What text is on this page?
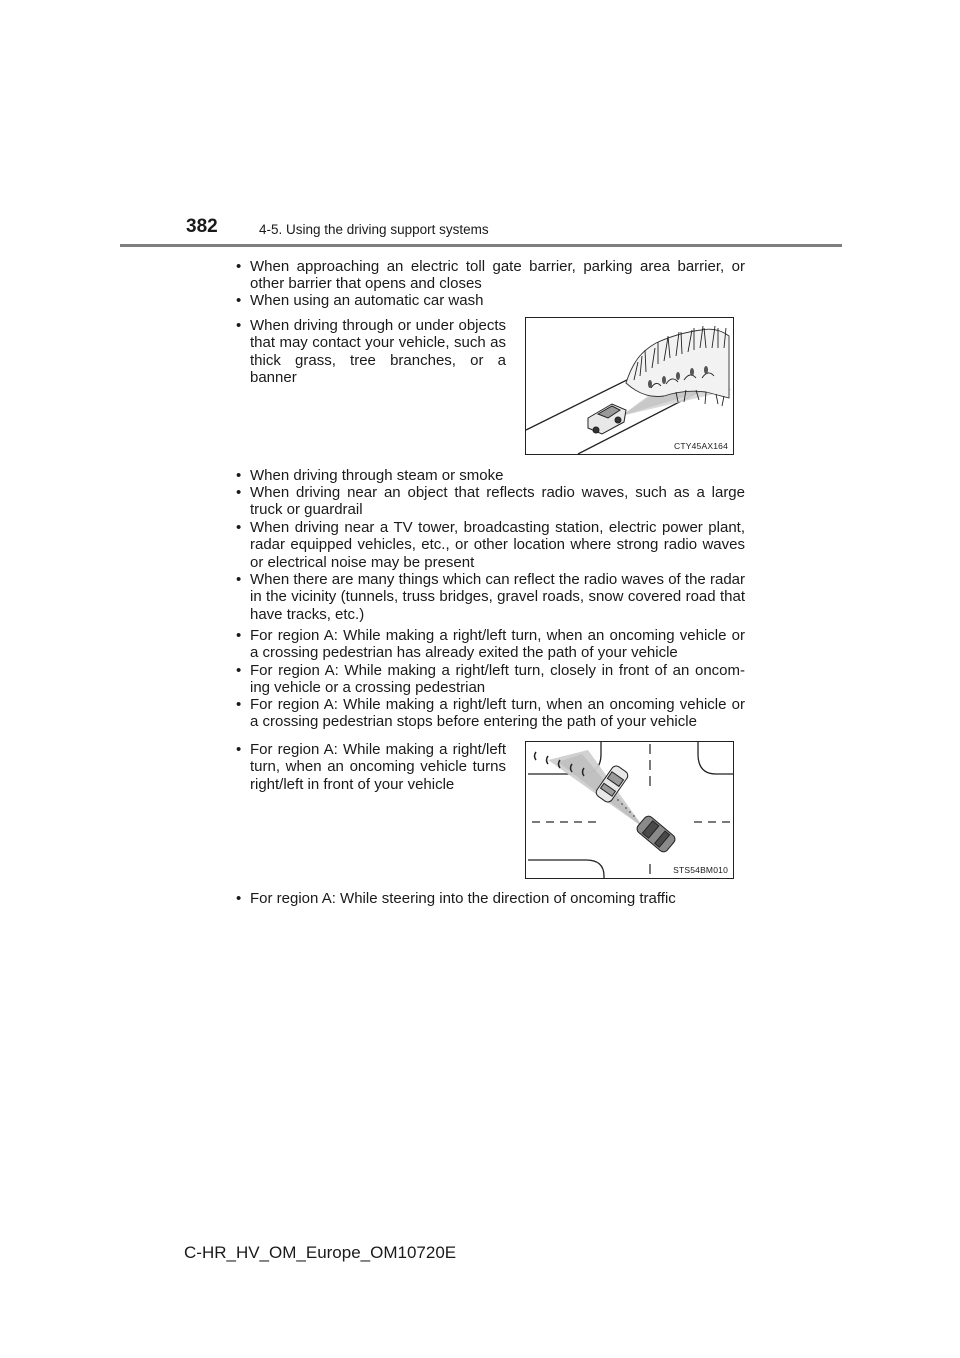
382	4-5. Using the driving support systems
• When approaching an electric toll gate barrier, parking area barrier, or other barrier that opens and closes
• When using an automatic car wash
• When driving through or under objects that may contact your vehicle, such as thick grass, tree branches, or a banner
CTY45AX164
• When driving through steam or smoke
• When driving near an object that reflects radio waves, such as a large truck or guardrail
• When driving near a TV tower, broadcasting station, electric power plant, radar equipped vehicles, etc., or other location where strong radio waves or electrical noise may be present
• When there are many things which can reflect the radio waves of the radar in the vicinity (tunnels, truss bridges, gravel roads, snow covered road that have tracks, etc.)
• For region A: While making a right/left turn, when an oncoming vehicle or a crossing pedestrian has already exited the path of your vehicle
• For region A: While making a right/left turn, closely in front of an oncom-ing vehicle or a crossing pedestrian
• For region A: While making a right/left turn, when an oncoming vehicle or a crossing pedestrian stops before entering the path of your vehicle
• For region A: While making a right/left turn, when an oncoming vehicle turns right/left in front of your vehicle
STS54BM010
• For region A: While steering into the direction of oncoming traffic
C-HR_HV_OM_Europe_OM10720E
